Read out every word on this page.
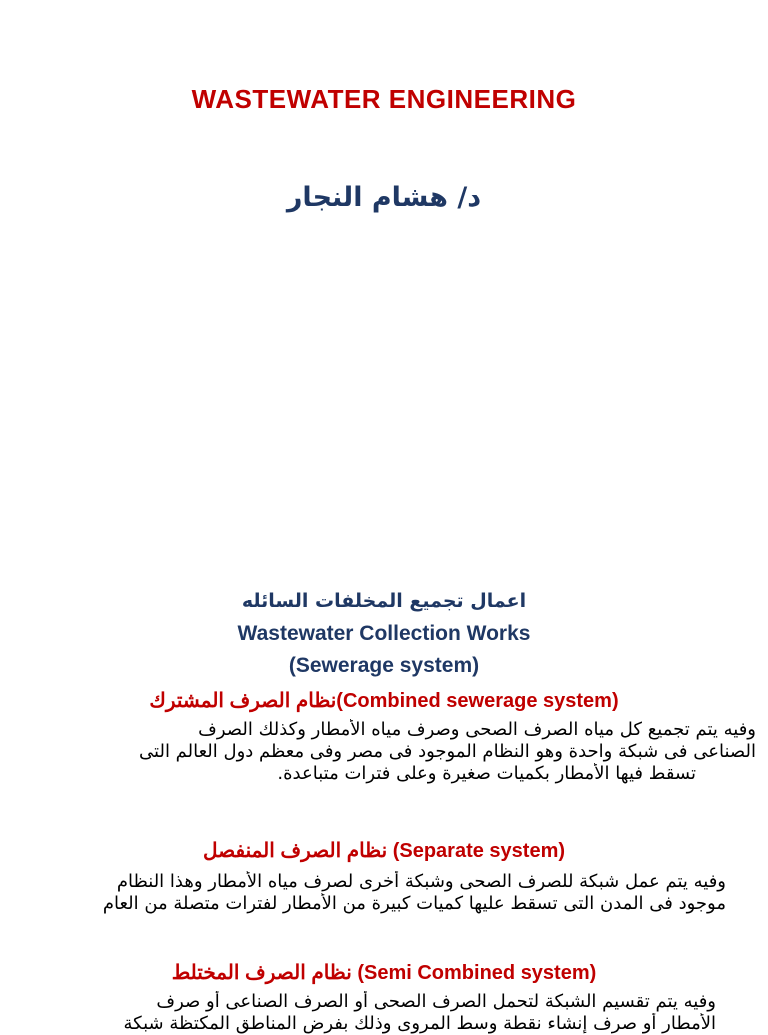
WASTEWATER ENGINEERING
د/ هشام النجار
اعمال تجميع المخلفات السائله
Wastewater Collection Works
(Sewerage system)
نظام الصرف المشترك(Combined sewerage system)
وفيه يتم تجميع كل مياه الصرف الصحى وصرف مياه الأمطار وكذلك الصرف
الصناعى فى شبكة واحدة وهو النظام الموجود فى مصر وفى معظم دول العالم التى
تسقط فيها الأمطار بكميات صغيرة وعلى فترات متباعدة.
نظام الصرف المنفصل (Separate system)
وفيه يتم عمل شبكة للصرف الصحى وشبكة أخرى لصرف مياه الأمطار وهذا النظام
موجود فى المدن التى تسقط عليها كميات كبيرة من الأمطار لفترات متصلة من العام
نظام الصرف المختلط (Semi Combined system)
وفيه يتم تقسيم الشبكة لتحمل الصرف الصحى أو الصرف الصناعى أو صرف
الأمطار أو صرف إنشاء نقطة وسط المروى وذلك بفرض المناطق المكتظة شبكة
